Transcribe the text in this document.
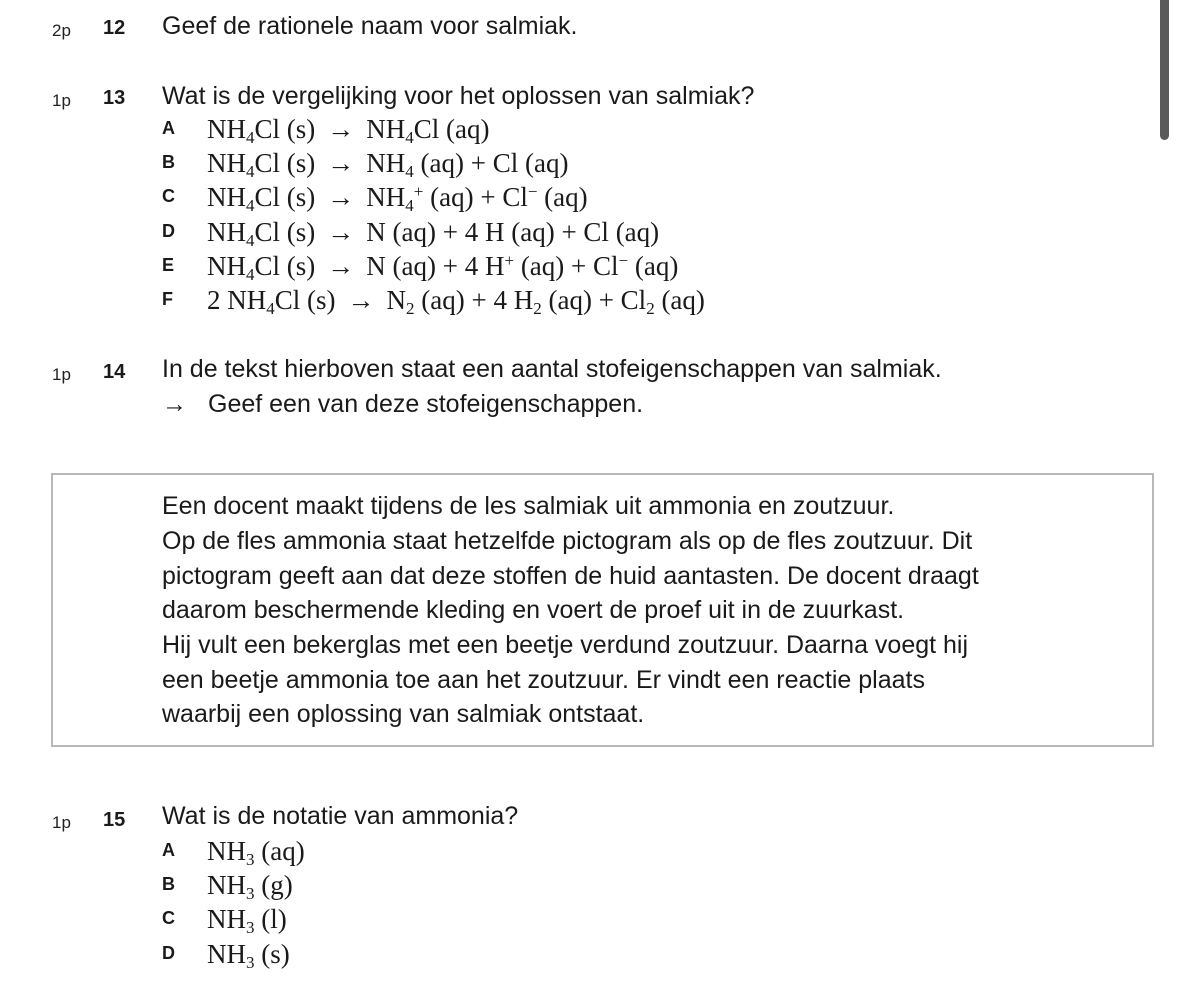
2p 12 Geef de rationele naam voor salmiak.
1p 13 Wat is de vergelijking voor het oplossen van salmiak?
A $NH_4Cl$ $(s) \to NH_4Cl$ (aq)
B $NH_4Cl$ $(s) \to NH_4$ (aq) + Cl (aq)
C $NH_4Cl$ $(s) \to NH_4^+$ (aq) + Cl− (aq)
D $NH_4Cl$ (s) → N (aq) + 4 H (aq) + Cl (aq)
E $NH_4Cl$ (s) → N (aq) + 4 H+ (aq) + Cl− (aq)
F 2 $NH_4Cl$ $(s) \to N_2$ (aq) + 4 $H_2$ $(aq) + Cl_2$ (aq)
1p 14 In de tekst hierboven staat een aantal stofeigenschappen van salmiak.
→ Geef een van deze stofeigenschappen.
Een docent maakt tijdens de les salmiak uit ammonia en zoutzuur.
Op de fles ammonia staat hetzelfde pictogram als op de fles zoutzuur. Dit
pictogram geeft aan dat deze stoffen de huid aantasten. De docent draagt
daarom beschermende kleding en voert de proef uit in de zuurkast.
Hij vult een bekerglas met een beetje verdund zoutzuur. Daarna voegt hij
een beetje ammonia toe aan het zoutzuur. Er vindt een reactie plaats
waarbij een oplossing van salmiak ontstaat.
1p 15 Wat is de notatie van ammonia?
A $NH_3$ (aq)
B $NH_3$ (g)
C $NH_3$ (l)
D $NH_3$ (s)
